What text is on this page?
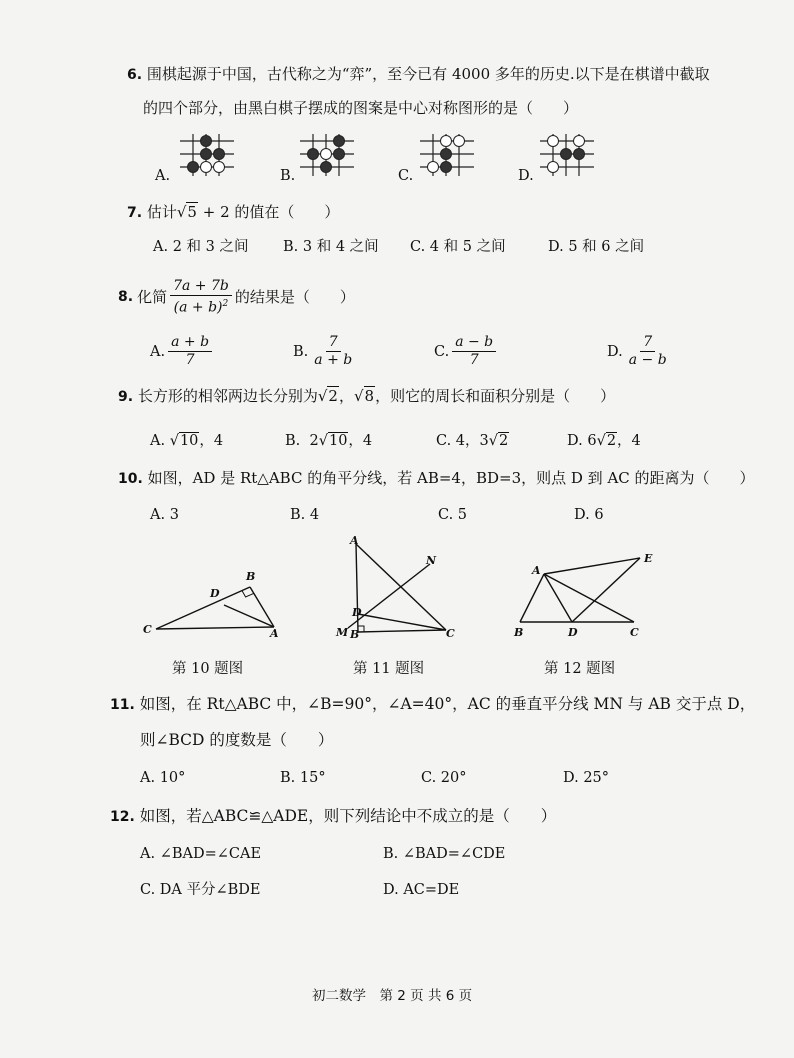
6. 围棋起源于中国，古代称之为“弈”，至今已有 4000 多年的历史.以下是在棋谱中截取
的四个部分，由黑白棋子摆成的图案是中心对称图形的是（　　）
A.	B.	C.	D.
7. 估计√5 + 2 的值在（　　）
A. 2 和 3 之间 B. 3 和 4 之间 C. 4 和 5 之间	D. 5 和 6 之间
8. 化简 $\frac{7a + 7b}{(a + b)^2}$ 的结果是（　　）
A. $\frac{a + b}{7}$	B. $\frac{7}{a + b}$	C. $\frac{a - b}{7}$	D. $\frac{7}{a - b}$
9. 长方形的相邻两边长分别为√2，√8，则它的周长和面积分别是（　　）
A. √10，4	B. 2√10，4	C. 4，3√2	D. 6√2，4
10. 如图，AD 是 Rt△ABC 的角平分线，若 AB=4，BD=3，则点 D 到 AC 的距离为（　　）
A. 3	B. 4	C. 5	D. 6
C
B
D
A
A
N
D
M B	C
A
E
B	D	C
第 10 题图	第 11 题图	第 12 题图
11. 如图，在 Rt△ABC 中，∠B=90°，∠A=40°，AC 的垂直平分线 MN 与 AB 交于点 D，
则∠BCD 的度数是（　　）
A. 10°	B. 15°	C. 20°	D. 25°
12. 如图，若△ABC≌△ADE，则下列结论中不成立的是（　　）
A. ∠BAD=∠CAE	B. ∠BAD=∠CDE
C. DA 平分∠BDE	D. AC=DE
初二数学　第 2 页 共 6 页
